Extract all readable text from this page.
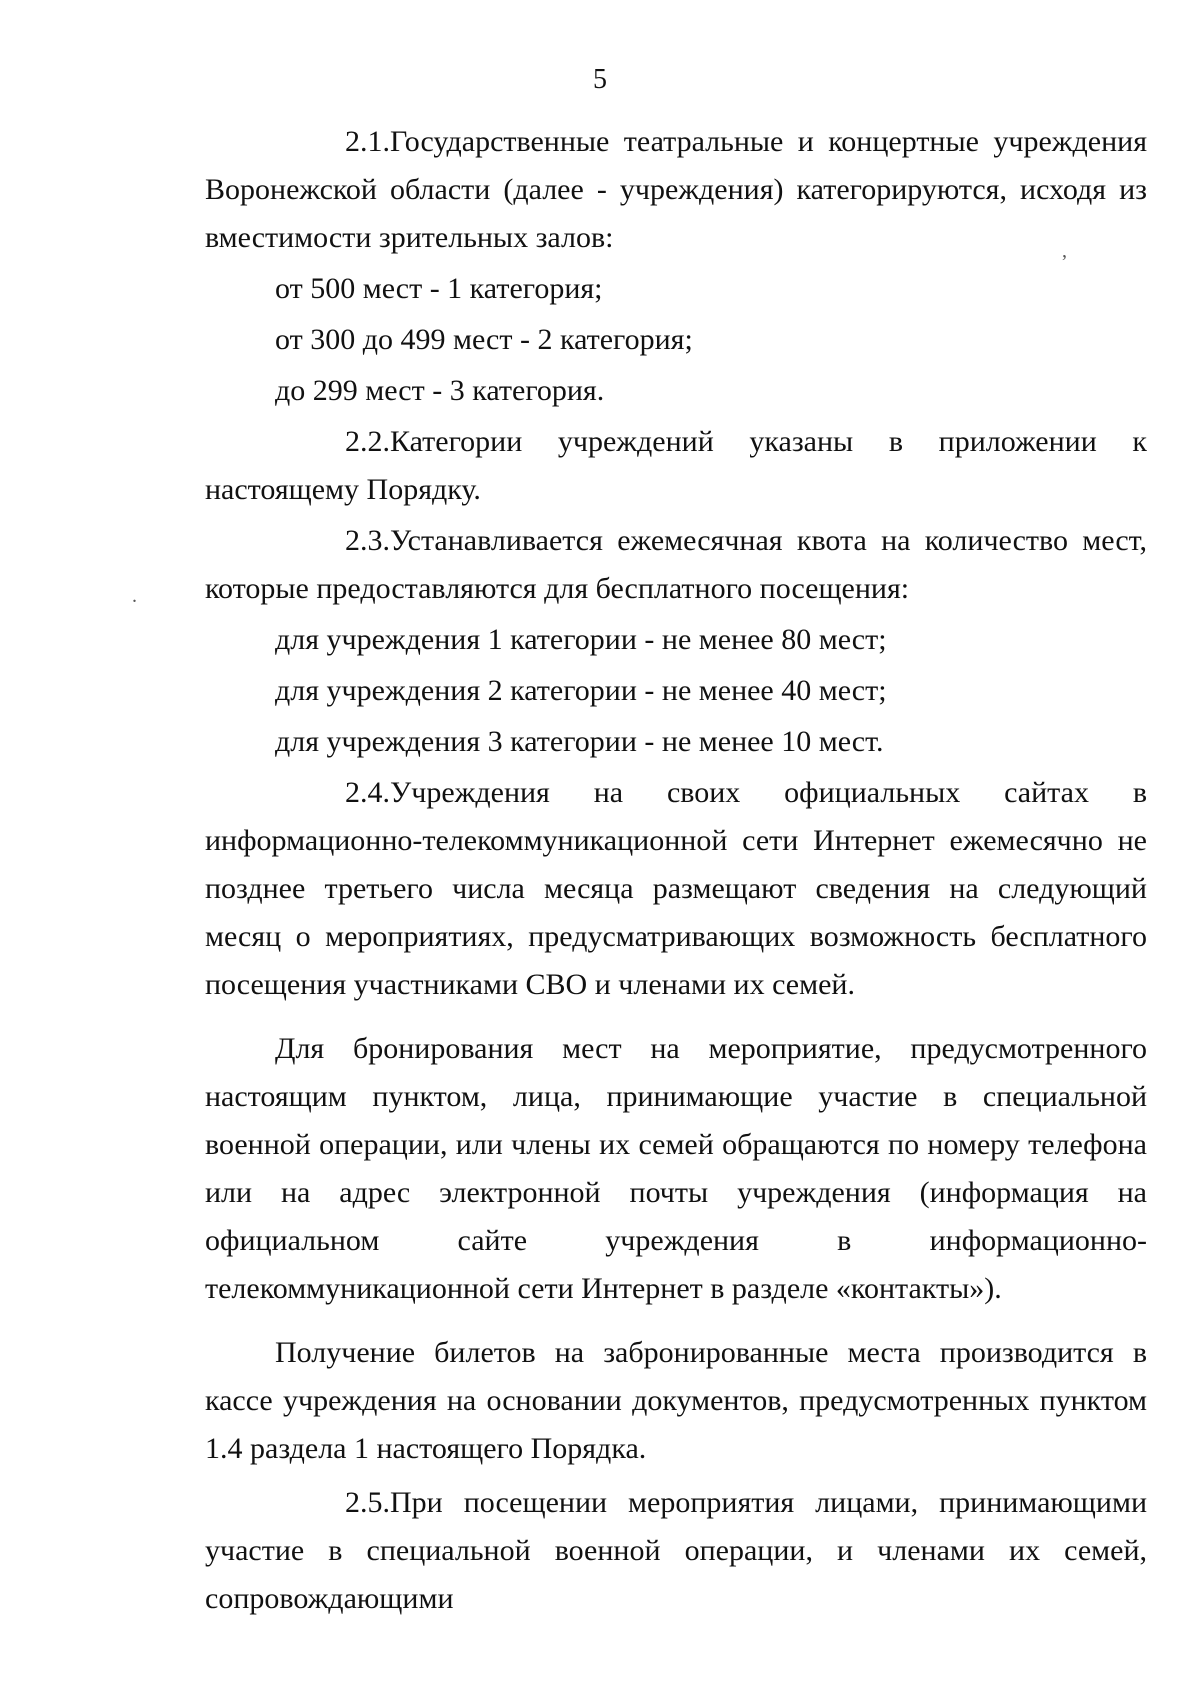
5
​,
.

2.1.Государственные театральные и концертные учреждения Воронежской области (далее - учреждения) категорируются, исходя из вместимости зрительных залов:

от 500 мест - 1 категория;

от 300 до 499 мест - 2 категория;

до 299 мест - 3 категория.

2.2.Категории учреждений указаны в приложении к настоящему Порядку.

2.3.Устанавливается ежемесячная квота на количество мест, которые предоставляются для бесплатного посещения:

для учреждения 1 категории - не менее 80 мест;

для учреждения 2 категории - не менее 40 мест;

для учреждения 3 категории - не менее 10 мест.

2.4.Учреждения на своих официальных сайтах в информационно-телекоммуникационной сети Интернет ежемесячно не позднее третьего числа месяца размещают сведения на следующий месяц о мероприятиях, предусматривающих возможность бесплатного посещения участниками СВО и членами их семей.

Для бронирования мест на мероприятие, предусмотренного настоящим пунктом, лица, принимающие участие в специальной военной операции, или члены их семей обращаются по номеру телефона или на адрес электронной почты учреждения (информация на официальном сайте учреждения в информационно-телекоммуникационной сети Интернет в разделе «контакты»).

Получение билетов на забронированные места производится в кассе учреждения на основании документов, предусмотренных пунктом 1.4 раздела 1 настоящего Порядка.

2.5.При посещении мероприятия лицами, принимающими участие в специальной военной операции, и членами их семей, сопровождающими
